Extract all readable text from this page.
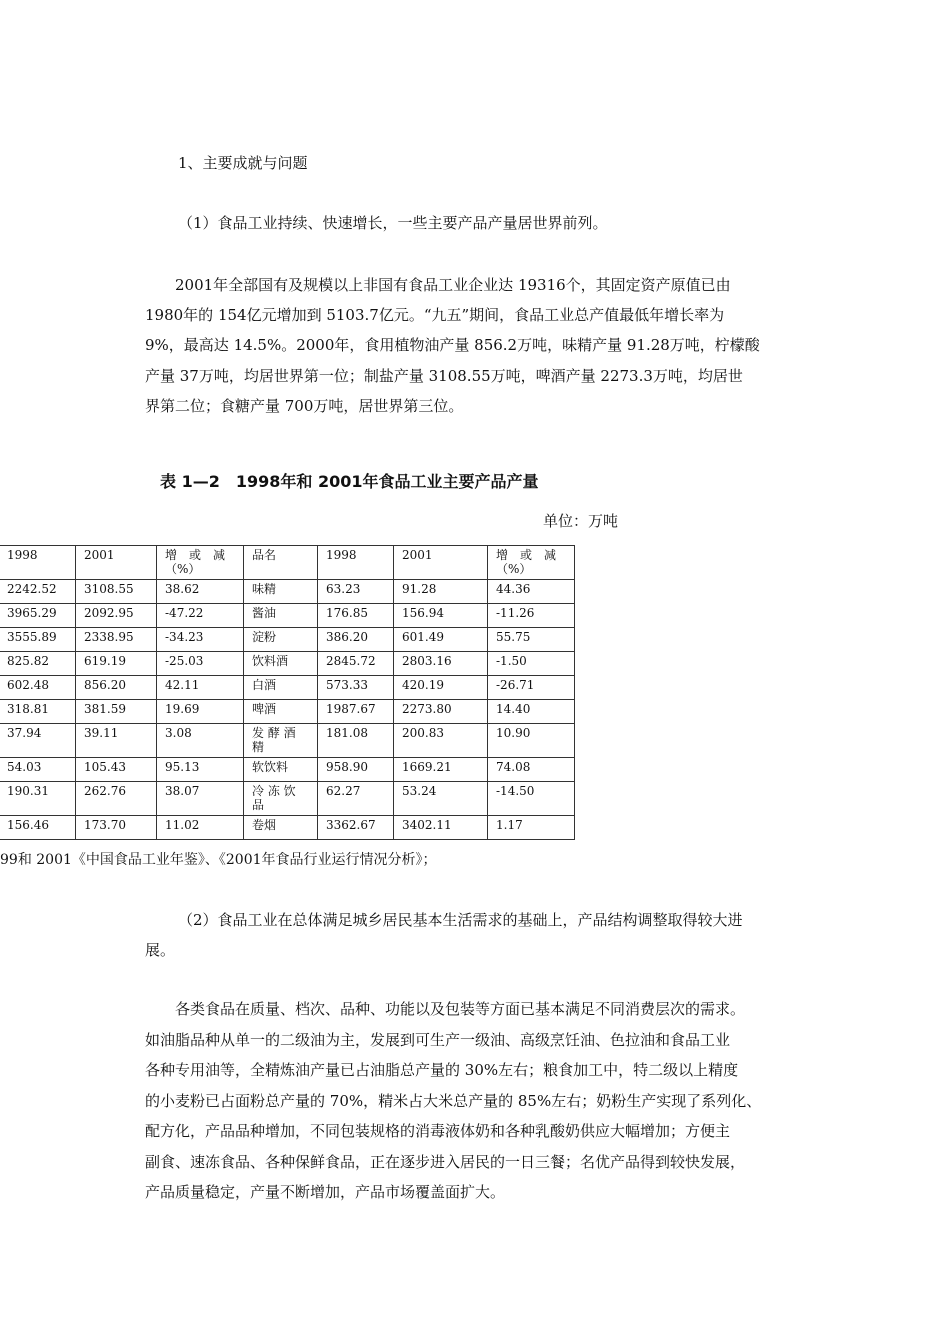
1、主要成就与问题
（1）食品工业持续、快速增长，一些主要产品产量居世界前列。
2001年全部国有及规模以上非国有食品工业企业达 19316个，其固定资产原值已由
1980年的 154亿元增加到 5103.7亿元。“九五”期间，食品工业总产值最低年增长率为
9%，最高达 14.5%。2000年，食用植物油产量 856.2万吨，味精产量 91.28万吨，柠檬酸
产量 37万吨，均居世界第一位；制盐产量 3108.55万吨，啤酒产量 2273.3万吨，均居世
界第二位；食糖产量 700万吨，居世界第三位。
表 1—2　1998年和 2001年食品工业主要产品产量
单位：万吨
1998	2001	增　或　减（%）	品名	1998	2001	增　或　减（%）
2242.52	3108.55	38.62	味精	63.23	91.28	44.36
3965.29	2092.95	-47.22	酱油	176.85	156.94	-11.26
3555.89	2338.95	-34.23	淀粉	386.20	601.49	55.75
825.82	619.19	-25.03	饮料酒	2845.72	2803.16	-1.50
602.48	856.20	42.11	白酒	573.33	420.19	-26.71
318.81	381.59	19.69	啤酒	1987.67	2273.80	14.40
37.94	39.11	3.08	发 酵 酒 精	181.08	200.83	10.90
54.03	105.43	95.13	软饮料	958.90	1669.21	74.08
190.31	262.76	38.07	冷 冻 饮 品	62.27	53.24	-14.50
156.46	173.70	11.02	卷烟	3362.67	3402.11	1.17
99和 2001《中国食品工业年鉴》、《2001年食品行业运行情况分析》；
（2）食品工业在总体满足城乡居民基本生活需求的基础上，产品结构调整取得较大进
展。
各类食品在质量、档次、品种、功能以及包装等方面已基本满足不同消费层次的需求。
如油脂品种从单一的二级油为主，发展到可生产一级油、高级烹饪油、色拉油和食品工业
各种专用油等，全精炼油产量已占油脂总产量的 30%左右；粮食加工中，特二级以上精度
的小麦粉已占面粉总产量的 70%，精米占大米总产量的 85%左右；奶粉生产实现了系列化、
配方化，产品品种增加，不同包装规格的消毒液体奶和各种乳酸奶供应大幅增加；方便主
副食、速冻食品、各种保鲜食品，正在逐步进入居民的一日三餐；名优产品得到较快发展，
产品质量稳定，产量不断增加，产品市场覆盖面扩大。
